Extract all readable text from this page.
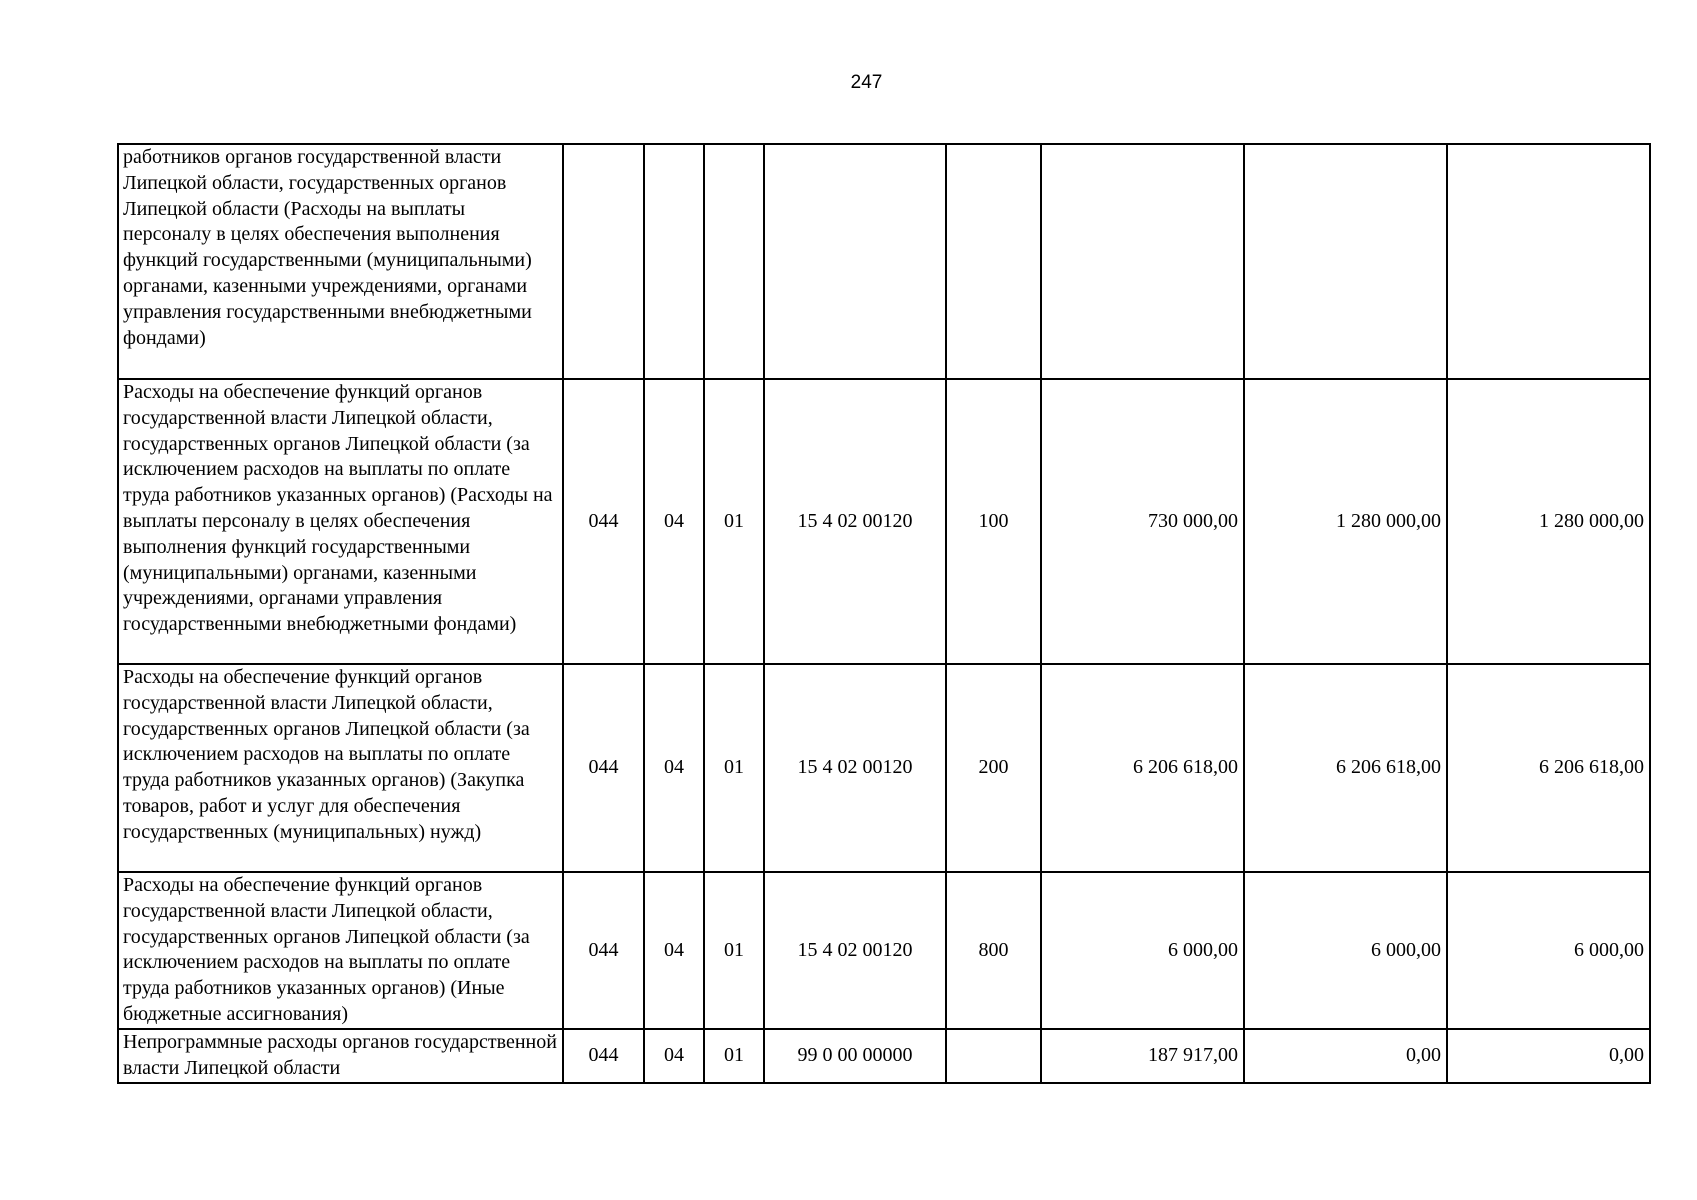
247
работников органов государственной власти Липецкой области, государственных органов Липецкой области (Расходы на выплаты персоналу в целях обеспечения выполнения функций государственными (муниципальными) органами, казенными учреждениями, органами управления государственными внебюджетными фондами)								
Расходы на обеспечение функций органов государственной власти Липецкой области, государственных органов Липецкой области (за исключением расходов на выплаты по оплате труда работников указанных органов) (Расходы на выплаты персоналу в целях обеспечения выполнения функций государственными (муниципальными) органами, казенными учреждениями, органами управления государственными внебюджетными фондами)	044	04	01	15 4 02 00120	100	730 000,00	1 280 000,00	1 280 000,00
Расходы на обеспечение функций органов государственной власти Липецкой области, государственных органов Липецкой области (за исключением расходов на выплаты по оплате труда работников указанных органов) (Закупка товаров, работ и услуг для обеспечения государственных (муниципальных) нужд)	044	04	01	15 4 02 00120	200	6 206 618,00	6 206 618,00	6 206 618,00
Расходы на обеспечение функций органов государственной власти Липецкой области, государственных органов Липецкой области (за исключением расходов на выплаты по оплате труда работников указанных органов) (Иные бюджетные ассигнования)	044	04	01	15 4 02 00120	800	6 000,00	6 000,00	6 000,00
Непрограммные расходы органов государственной власти Липецкой области	044	04	01	99 0 00 00000		187 917,00	0,00	0,00
